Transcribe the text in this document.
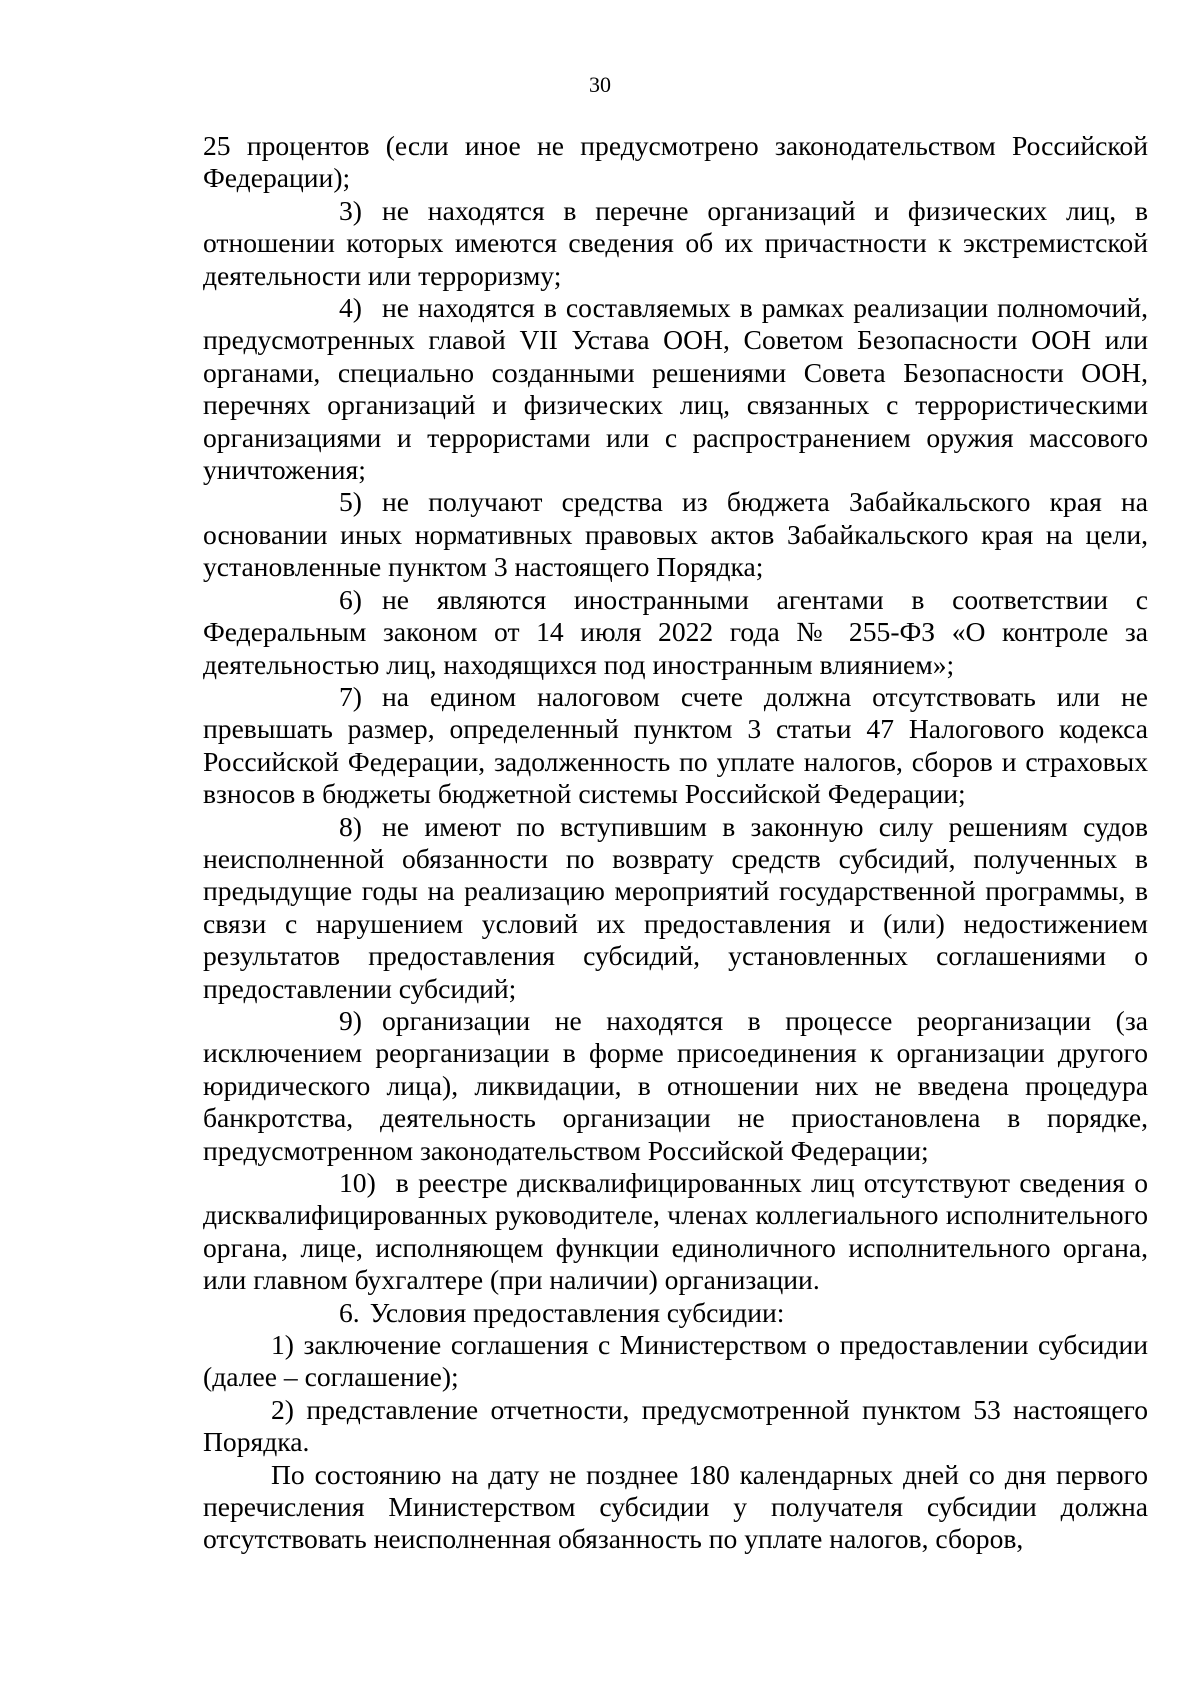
30

25 процентов (если иное не предусмотрено законодательством Российской Федерации);

3) не находятся в перечне организаций и физических лиц, в отношении которых имеются сведения об их причастности к экстремистской деятельности или терроризму;

4) не находятся в составляемых в рамках реализации полномочий, предусмотренных главой VII Устава ООН, Советом Безопасности ООН или органами, специально созданными решениями Совета Безопасности ООН, перечнях организаций и физических лиц, связанных с террористическими организациями и террористами или с распространением оружия массового уничтожения;

5) не получают средства из бюджета Забайкальского края на основании иных нормативных правовых актов Забайкальского края на цели, установленные пунктом 3 настоящего Порядка;

6) не являются иностранными агентами в соответствии с Федеральным законом от 14 июля 2022 года № 255-ФЗ «О контроле за деятельностью лиц, находящихся под иностранным влиянием»;

7) на едином налоговом счете должна отсутствовать или не превышать размер, определенный пунктом 3 статьи 47 Налогового кодекса Российской Федерации, задолженность по уплате налогов, сборов и страховых взносов в бюджеты бюджетной системы Российской Федерации;

8) не имеют по вступившим в законную силу решениям судов неисполненной обязанности по возврату средств субсидий, полученных в предыдущие годы на реализацию мероприятий государственной программы, в связи с нарушением условий их предоставления и (или) недостижением результатов предоставления субсидий, установленных соглашениями о предоставлении субсидий;

9) организации не находятся в процессе реорганизации (за исключением реорганизации в форме присоединения к организации другого юридического лица), ликвидации, в отношении них не введена процедура банкротства, деятельность организации не приостановлена в порядке, предусмотренном законодательством Российской Федерации;

10) в реестре дисквалифицированных лиц отсутствуют сведения о дисквалифицированных руководителе, членах коллегиального исполнительного органа, лице, исполняющем функции единоличного исполнительного органа, или главном бухгалтере (при наличии) организации.

6. Условия предоставления субсидии:

1) заключение соглашения с Министерством о предоставлении субсидии (далее – соглашение);

2) представление отчетности, предусмотренной пунктом 53 настоящего Порядка.

По состоянию на дату не позднее 180 календарных дней со дня первого перечисления Министерством субсидии у получателя субсидии должна отсутствовать неисполненная обязанность по уплате налогов, сборов,
